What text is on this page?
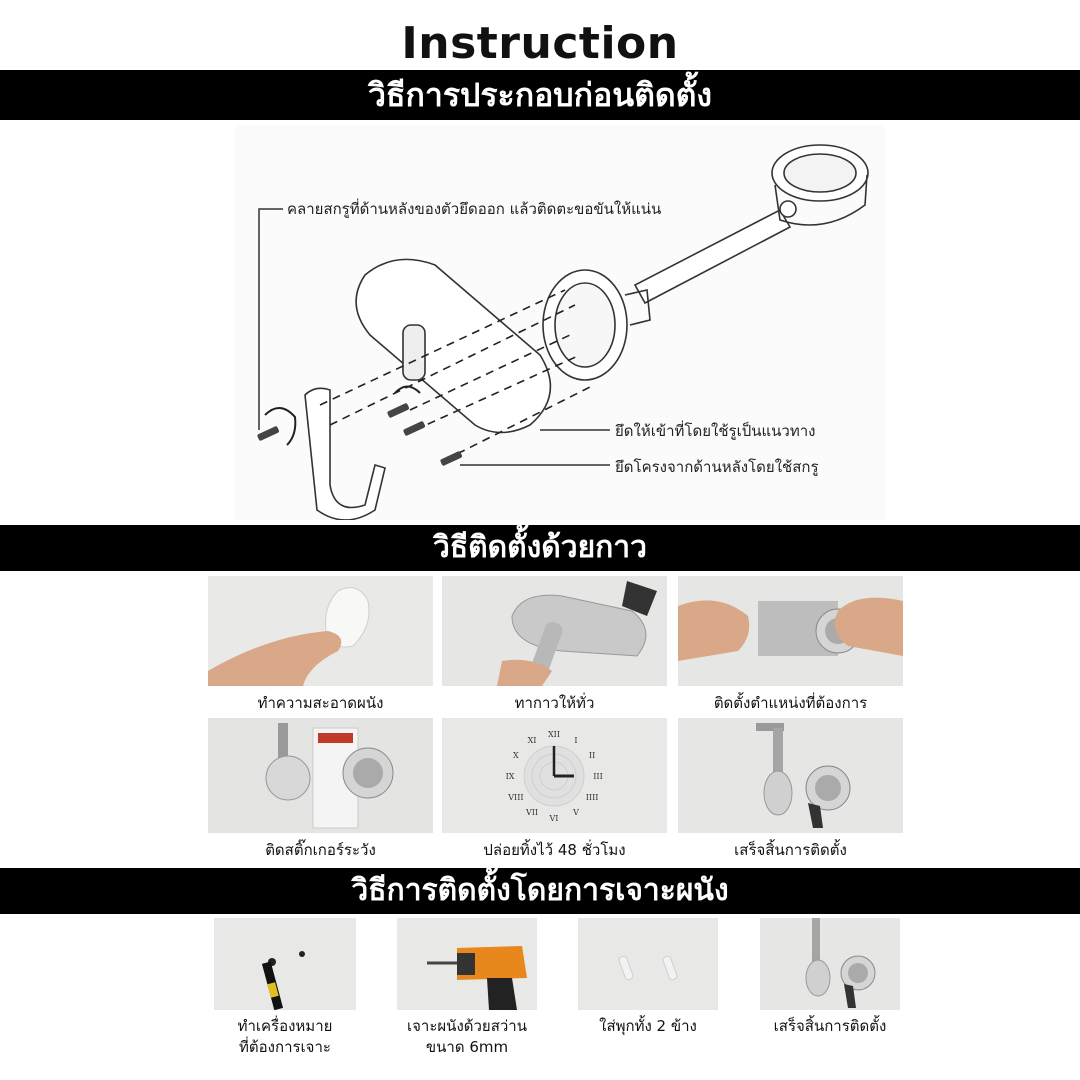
Instruction
วิธีการประกอบก่อนติดตั้ง
คลายสกรูที่ด้านหลังของตัวยึดออก แล้วติดตะขอขันให้แน่น
ยึดให้เข้าที่โดยใช้รูเป็นแนวทาง
ยึดโครงจากด้านหลังโดยใช้สกรู
วิธีติดตั้งด้วยกาว
ทำความสะอาดผนัง	ทากาวให้ทั่ว	ติดตั้งตำแหน่งที่ต้องการ
XII
I
II
III
IIII
V
VI
VII
VIII
IX
X
XI
ติดสติ๊กเกอร์ระวัง	ปล่อยทิ้งไว้ 48 ชั่วโมง	เสร็จสิ้นการติดตั้ง
วิธีการติดตั้งโดยการเจาะผนัง
ทำเครื่องหมาย
ที่ต้องการเจาะ
เจาะผนังด้วยสว่าน
ขนาด 6mm
ใส่พุกทั้ง 2 ข้าง	เสร็จสิ้นการติดตั้ง
